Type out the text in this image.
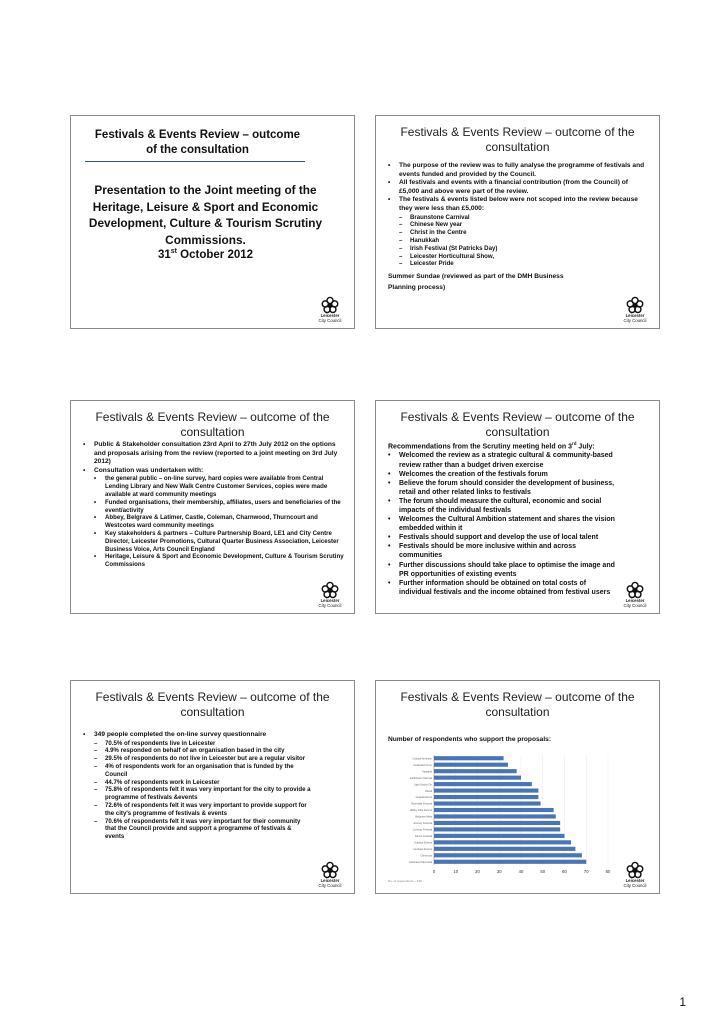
Festivals & Events Review – outcome
of the consultation
Presentation to the Joint meeting of the Heritage, Leisure & Sport and Economic Development, Culture & Tourism Scrutiny Commissions.
31st October 2012
Leicester
City Council
Festivals & Events Review – outcome of the consultation
• The purpose of the review was to fully analyse the programme of festivals and events funded and provided by the Council.
• All festivals and events with a financial contribution (from the Council) of £5,000 and above were part of the review.
• The festivals & events listed below were not scoped into the review because they were less than £5,000:
– Braunstone Carnival
– Chinese New year
– Christ in the Centre
– Hanukkah
– Irish Festival (St Patricks Day)
– Leicester Horticultural Show,
– Leicester Pride
Summer Sundae (reviewed as part of the DMH Business Planning process)
Leicester
City Council
Festivals & Events Review – outcome of the consultation
• Public & Stakeholder consultation 23rd April to 27th July 2012 on the options and proposals arising from the review (reported to a joint meeting on 3rd July 2012)
• Consultation was undertaken with:
• the general public – on-line survey, hard copies were available from Central Lending Library and New Walk Centre Customer Services, copies were made available at ward community meetings
• Funded organisations, their membership, affiliates, users and beneficiaries of the event/activity
• Abbey, Belgrave & Latimer, Castle, Coleman, Charnwood, Thurncourt and Westcotes ward community meetings
• Key stakeholders & partners – Culture Partnership Board, LE1 and City Centre Director, Leicester Promotions, Cultural Quarter Business Association, Leicester Business Voice, Arts Council England
• Heritage, Leisure & Sport and Economic Development, Culture & Tourism Scrutiny Commissions
Leicester
City Council
Festivals & Events Review – outcome of the consultation
Recommendations from the Scrutiny meeting held on 3rd July:
• Welcomed the review as a strategic cultural & community-based review rather than a budget driven exercise
• Welcomes the creation of the festivals forum
• Believe the forum should consider the development of business, retail and other related links to festivals
• The forum should measure the cultural, economic and social impacts of the individual festivals
• Welcomes the Cultural Ambition statement and shares the vision embedded within it
• Festivals should support and develop the use of local talent
• Festivals should be more inclusive within and across communities
• Further discussions should take place to optimise the image and PR opportunities of existing events
• Further information should be obtained on total costs of individual festivals and the income obtained from festival users
Leicester
City Council
Festivals & Events Review – outcome of the consultation
• 349 people completed the on-line survey questionnaire
– 70.5% of respondents live in Leicester
– 4.9% responded on behalf of an organisation based in the city
– 29.5% of respondents do not live in Leicester but are a regular visitor
– 4% of respondents work for an organisation that is funded by the Council
– 44.7% of respondents work in Leicester
– 75.8% of respondents felt it was very important for the city to provide a programme of festivals &events
– 72.6% of respondents felt it was very important to provide support for the city's programme of festivals & events
– 70.6% of respondents felt it was very important for their community that the Council provide and support a programme of festivals & events
Leicester
City Council
Festivals & Events Review – outcome of the consultation
Number of respondents who support the proposals:
0	10	20	30	40	50	60	70	80
Cultural Ambition
Festivals Forum
Vaisakhi
Caribbean Carnival
Light Switch On
Diwali
Gujarati Event
Riverside Festival
Abbey Park Events
Belgrave Mela
Journey Festival
Comedy Festival
Dance Festival
Outdoor Events
Heritage Events
Christmas
Holocaust Memorial
No. of respondents – 349	Leicester
City Council
1
